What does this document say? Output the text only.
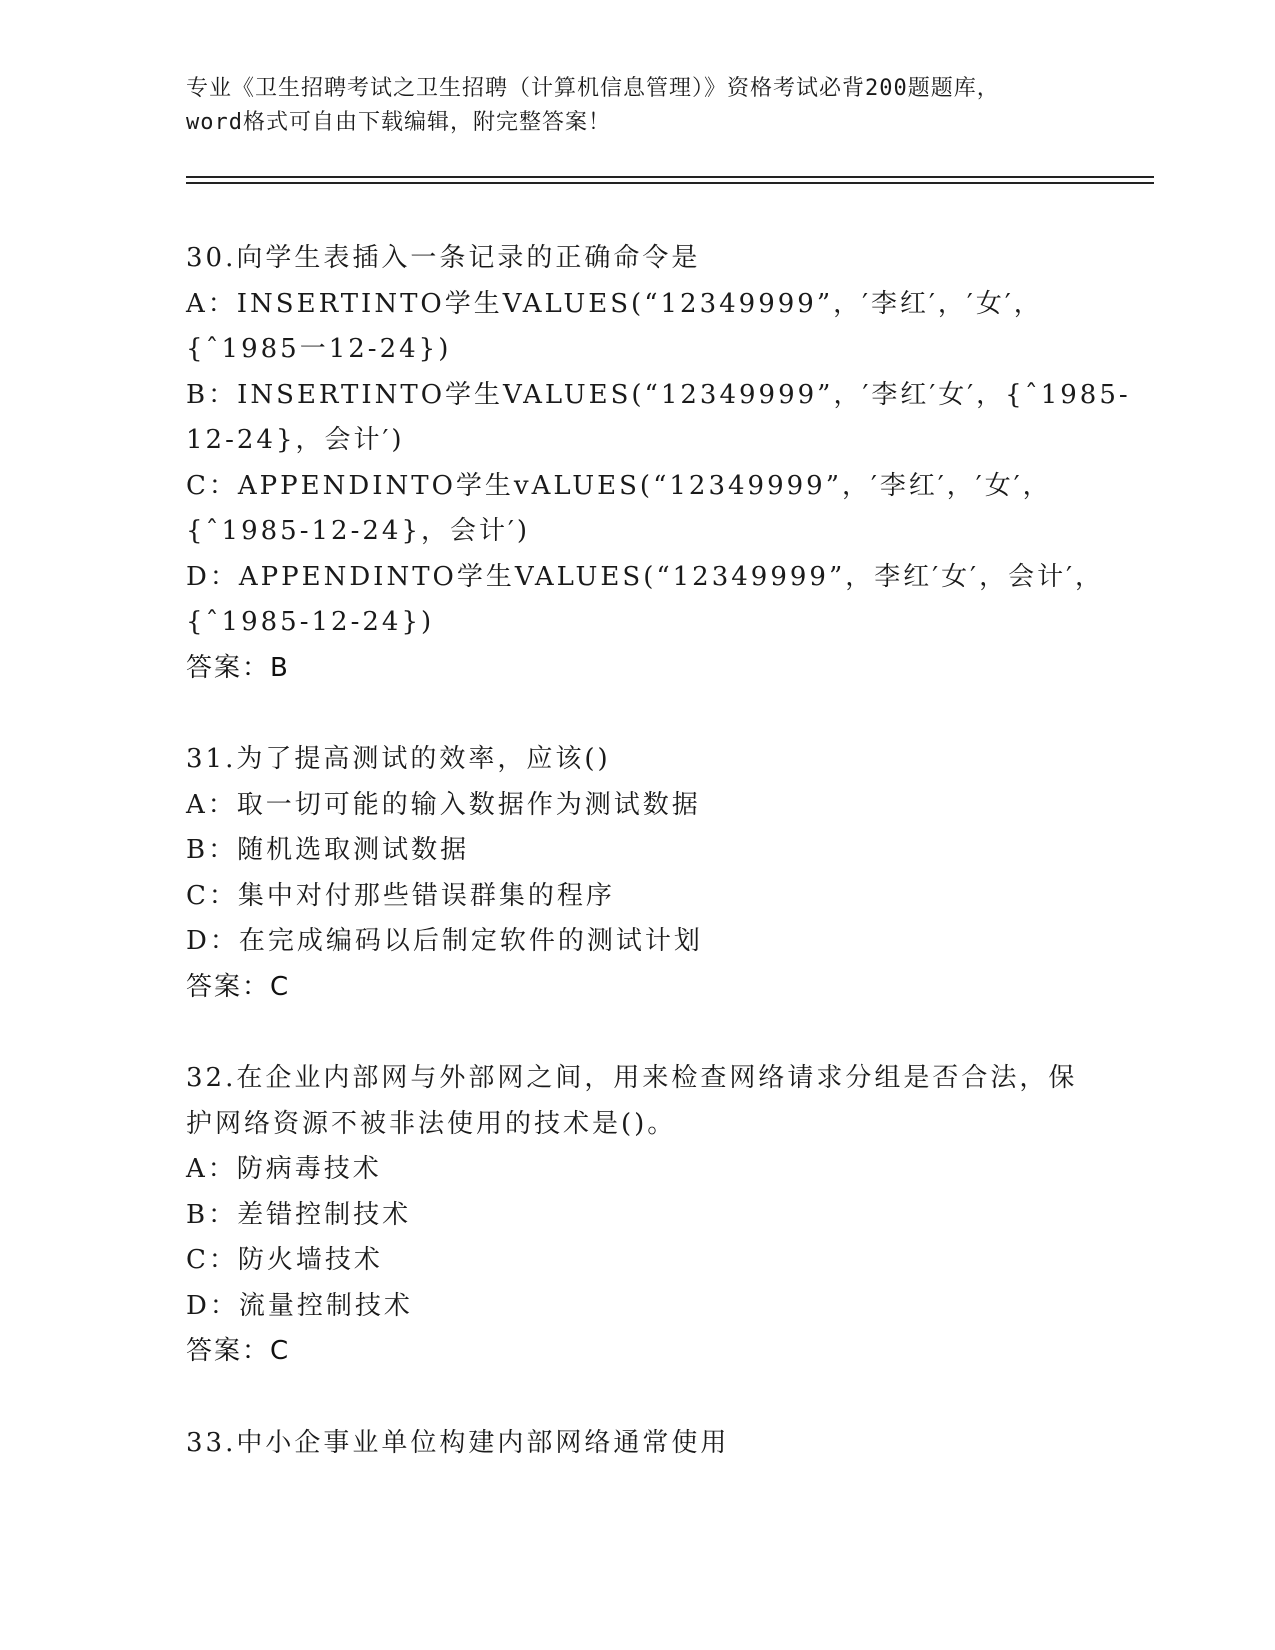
专业《卫生招聘考试之卫生招聘（计算机信息管理）》资格考试必背200题题库，
word格式可自由下载编辑，附完整答案！
30.向学生表插入一条记录的正确命令是
A：INSERTINTO学生VALUES(“12349999”，′李红′，′女′，
{ˆ1985一12-24})
B：INSERTINTO学生VALUES(“12349999”，′李红′女′，{ˆ1985-
12-24}，会计′)
C：APPENDINTO学生vALUES(“12349999”，′李红′，′女′，
{ˆ1985-12-24}，会计′)
D：APPENDINTO学生VALUES(“12349999”，李红′女′，会计′，
{ˆ1985-12-24})
答案：B
31.为了提高测试的效率，应该()
A：取一切可能的输入数据作为测试数据
B：随机选取测试数据
C：集中对付那些错误群集的程序
D：在完成编码以后制定软件的测试计划
答案：C
32.在企业内部网与外部网之间，用来检查网络请求分组是否合法，保
护网络资源不被非法使用的技术是()。
A：防病毒技术
B：差错控制技术
C：防火墙技术
D：流量控制技术
答案：C
33.中小企事业单位构建内部网络通常使用
